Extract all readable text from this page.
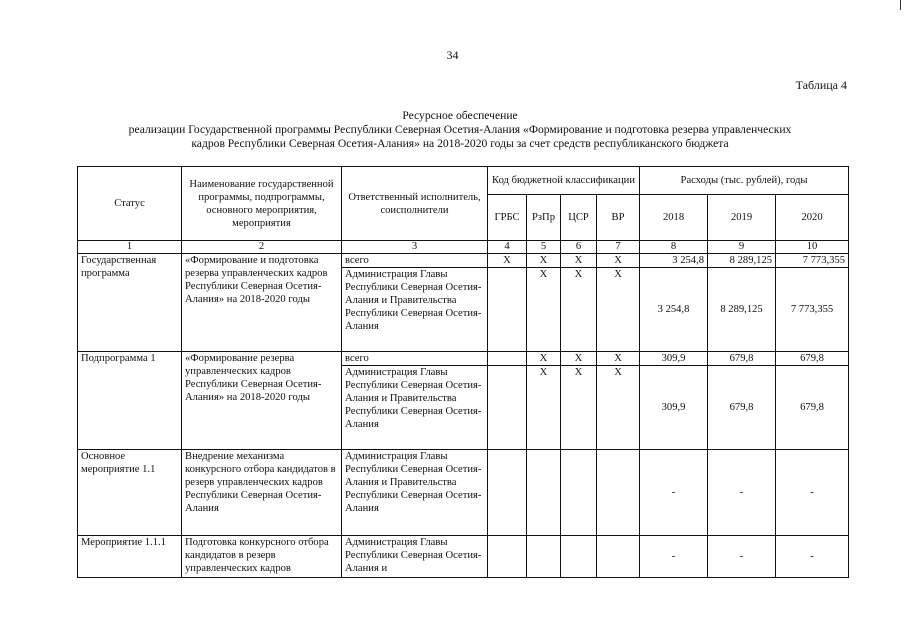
34
Таблица 4
Ресурсное обеспечение
реализации Государственной программы Республики Северная Осетия-Алания «Формирование и подготовка резерва управленческих
кадров Республики Северная Осетия-Алания» на 2018-2020 годы за счет средств республиканского бюджета
Статус	Наименование государственной программы, подпрограммы, основного мероприятия, мероприятия	Ответственный исполнитель, соисполнители	Код бюджетной классификации				Расходы (тыс. рублей), годы		
			ГРБС	РзПр	ЦСР	ВР	2018	2019	2020
1	2	3	4	5	6	7	8	9	10
Государственная программа	«Формирование и подготовка резерва управленческих кадров Республики Северная Осетия-Алания» на 2018-2020 годы	всего	X	X	X	X	3 254,8	8 289,125	7 773,355
		Администрация Главы Республики Северная Осетия-Алания и Правительства Республики Северная Осетия-Алания		X	X	X	3 254,8	8 289,125	7 773,355
Подпрограмма 1	«Формирование резерва управленческих кадров Республики Северная Осетия-Алания» на 2018-2020 годы	всего		X	X	X	309,9	679,8	679,8
		Администрация Главы Республики Северная Осетия-Алания и Правительства Республики Северная Осетия-Алания		X	X	X	309,9	679,8	679,8
Основное мероприятие 1.1	Внедрение механизма конкурсного отбора кандидатов в резерв управленческих кадров Республики Северная Осетия-Алания	Администрация Главы Республики Северная Осетия-Алания и Правительства Республики Северная Осетия-Алания					-	-	-
Мероприятие 1.1.1	Подготовка конкурсного отбора кандидатов в резерв управленческих кадров	Администрация Главы Республики Северная Осетия-Алания и					-	-	-
